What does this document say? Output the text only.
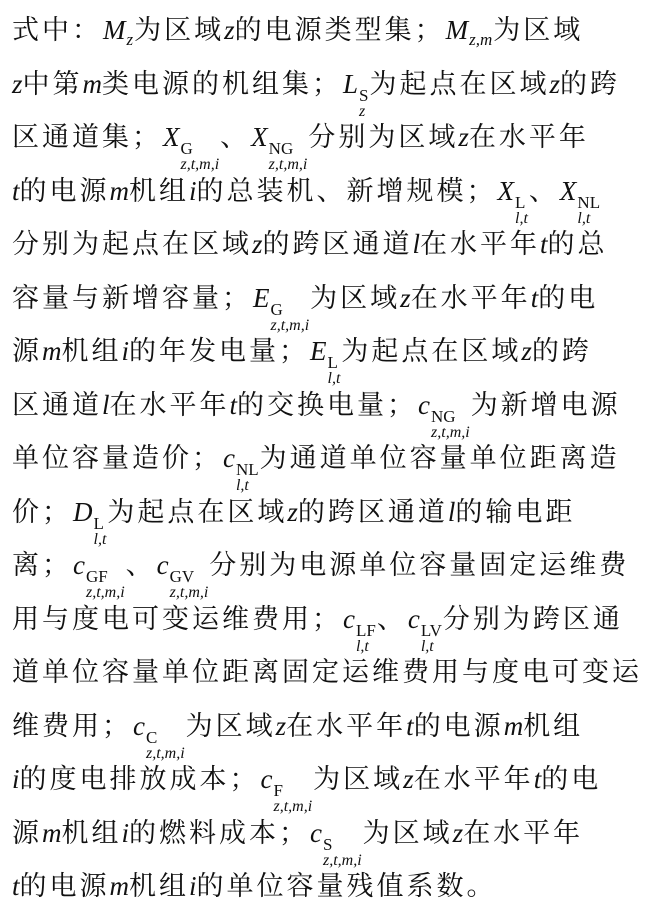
式中：$M_z$为区域z的电源类型集；$M_{z,m}$为区域
z中第m类电源的机组集；L S
z
为起点在区域z的跨
区通道集；X G
z,t,m,i
、X NG
z,t,m,i
分别为区域z在水平年
t的电源m机组i的总装机、新增规模；X L
l,t
、X NL
l,t
分别为起点在区域z的跨区通道l在水平年t的总
容量与新增容量；E G
z,t,m,i
为区域z在水平年t的电
源m机组i的年发电量；E L
l,t
为起点在区域z的跨
区通道l在水平年t的交换电量；c NG
z,t,m,i
为新增电源
单位容量造价；c NL
l,t
为通道单位容量单位距离造
价；D L
l,t
为起点在区域z的跨区通道l的输电距
离；c GF
z,t,m,i
、c GV
z,t,m,i
分别为电源单位容量固定运维费
用与度电可变运维费用；c LF
l,t
、c LV
l,t
分别为跨区通
道单位容量单位距离固定运维费用与度电可变运
维费用；c C
z,t,m,i
为区域z在水平年t的电源m机组
i的度电排放成本；c F
z,t,m,i
为区域z在水平年t的电
源m机组i的燃料成本；c S
z,t,m,i
为区域z在水平年
t的电源m机组i的单位容量残值系数。
